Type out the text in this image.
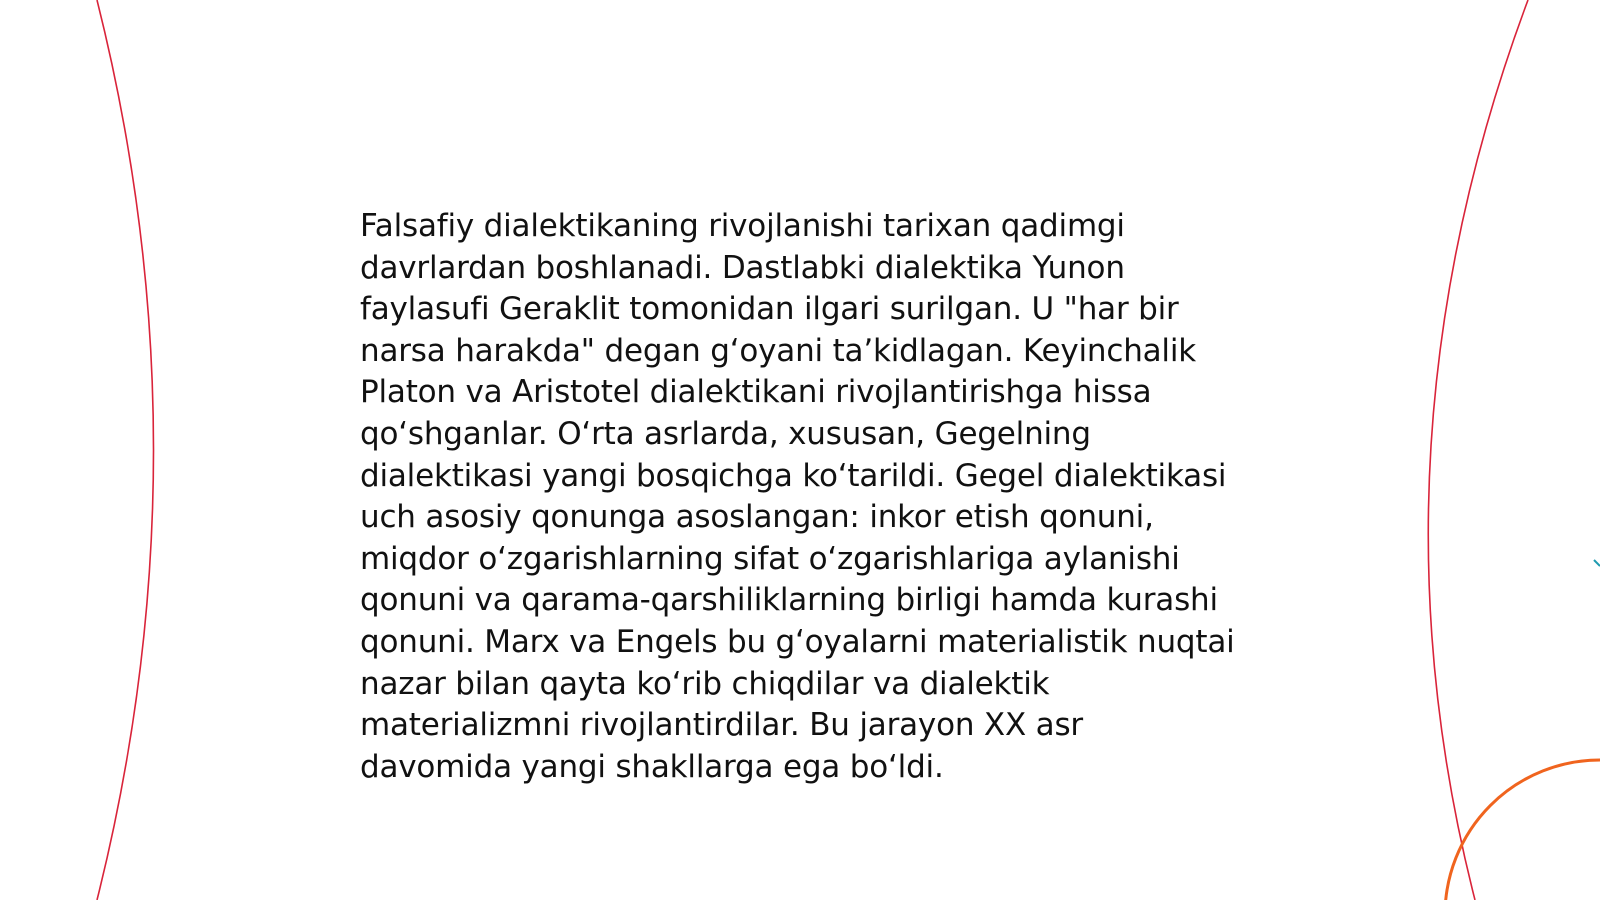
Falsafiy dialektikaning rivojlanishi tarixan qadimgi davrlardan boshlanadi. Dastlabki dialektika Yunon faylasufi Geraklit tomonidan ilgari surilgan. U "har bir narsa harakda" degan g‘oyani ta’kidlagan. Keyinchalik Platon va Aristotel dialektikani rivojlantirishga hissa qo‘shganlar. O‘rta asrlarda, xususan, Gegelning dialektikasi yangi bosqichga ko‘tarildi. Gegel dialektikasi uch asosiy qonunga asoslangan: inkor etish qonuni, miqdor o‘zgarishlarning sifat o‘zgarishlariga aylanishi qonuni va qarama-qarshiliklarning birligi hamda kurashi qonuni. Marx va Engels bu g‘oyalarni materialistik nuqtai nazar bilan qayta ko‘rib chiqdilar va dialektik materializmni rivojlantirdilar. Bu jarayon XX asr davomida yangi shakllarga ega bo‘ldi.
